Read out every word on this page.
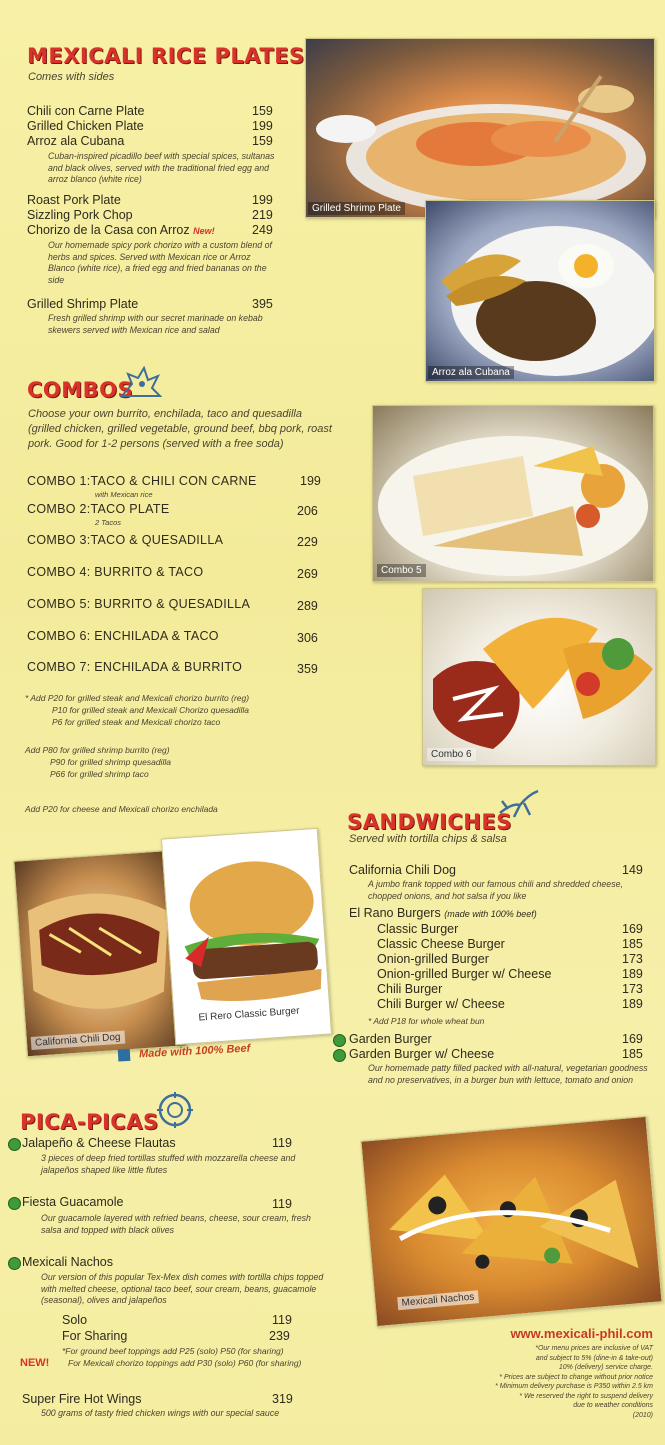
MEXICALI RICE PLATES
Comes with sides
Chili con Carne Plate	159
Grilled Chicken Plate	199
Arroz ala Cubana	159
Cuban-inspired picadillo beef with special spices, sultanas and black olives, served with the traditional fried egg and arroz blanco (white rice)
Roast Pork Plate	199
Sizzling Pork Chop	219
Chorizo de la Casa con Arroz New!	249
Our homemade spicy pork chorizo with a custom blend of herbs and spices. Served with Mexican rice or Arroz Blanco (white rice), a fried egg and fried bananas on the side
Grilled Shrimp Plate	395
Fresh grilled shrimp with our secret marinade on kebab skewers served with Mexican rice and salad
Grilled Shrimp Plate
Arroz ala Cubana
COMBOS
Choose your own burrito, enchilada, taco and quesadilla (grilled chicken, grilled vegetable, ground beef, bbq pork, roast pork. Good for 1-2 persons (served with a free soda)
COMBO 1:TACO & CHILI CON CARNE	199
with Mexican rice
COMBO 2:TACO PLATE	206
2 Tacos
COMBO 3:TACO & QUESADILLA	229
COMBO 4: BURRITO & TACO	269
COMBO 5: BURRITO & QUESADILLA	289
COMBO 6: ENCHILADA & TACO	306
COMBO 7: ENCHILADA & BURRITO	359
* Add P20 for grilled steak and Mexicali chorizo burrito (reg)
P10 for grilled steak and Mexicali Chorizo quesadilla
P6 for grilled steak and Mexicali chorizo taco
Add P80 for grilled shrimp burrito (reg)
P90 for grilled shrimp quesadilla
P66 for grilled shrimp taco
Add P20 for cheese and Mexicali chorizo enchilada
Combo 5
Combo 6
California Chili Dog
El Rero Classic Burger
Made with 100% Beef
SANDWICHES
Served with tortilla chips & salsa
California Chili Dog	149
A jumbo frank topped with our famous chili and shredded cheese, chopped onions, and hot salsa if you like
El Rano Burgers (made with 100% beef)
Classic Burger	169
Classic Cheese Burger	185
Onion-grilled Burger	173
Onion-grilled Burger w/ Cheese	189
Chili Burger	173
Chili Burger w/ Cheese	189
* Add P18 for whole wheat bun
Garden Burger	169
Garden Burger w/ Cheese	185
Our homemade patty filled packed with all-natural, vegetarian goodness and no preservatives, in a burger bun with lettuce, tomato and onion
PICA-PICAS
Jalapeño & Cheese Flautas	119
3 pieces of deep fried tortillas stuffed with mozzarella cheese and jalapeños shaped like little flutes
Fiesta Guacamole	119
Our guacamole layered with refried beans, cheese, sour cream, fresh salsa and topped with black olives
Mexicali Nachos
Our version of this popular Tex-Mex dish comes with tortilla chips topped with melted cheese, optional taco beef, sour cream, beans, guacamole (seasonal), olives and jalapeños
Solo	119
For Sharing	239
*For ground beef toppings add P25 (solo) P50 (for sharing)
NEW! For Mexicali chorizo toppings add P30 (solo) P60 (for sharing)
Super Fire Hot Wings	319
500 grams of tasty fried chicken wings with our special sauce
Mexicali Nachos
www.mexicali-phil.com
*Our menu prices are inclusive of VAT
and subject to 5% (dine-in & take-out)
10% (delivery) service charge.
* Prices are subject to change without prior notice
* Minimum delivery purchase is P350 within 2.5 km
* We reserved the right to suspend delivery
due to weather conditions
(2010)
